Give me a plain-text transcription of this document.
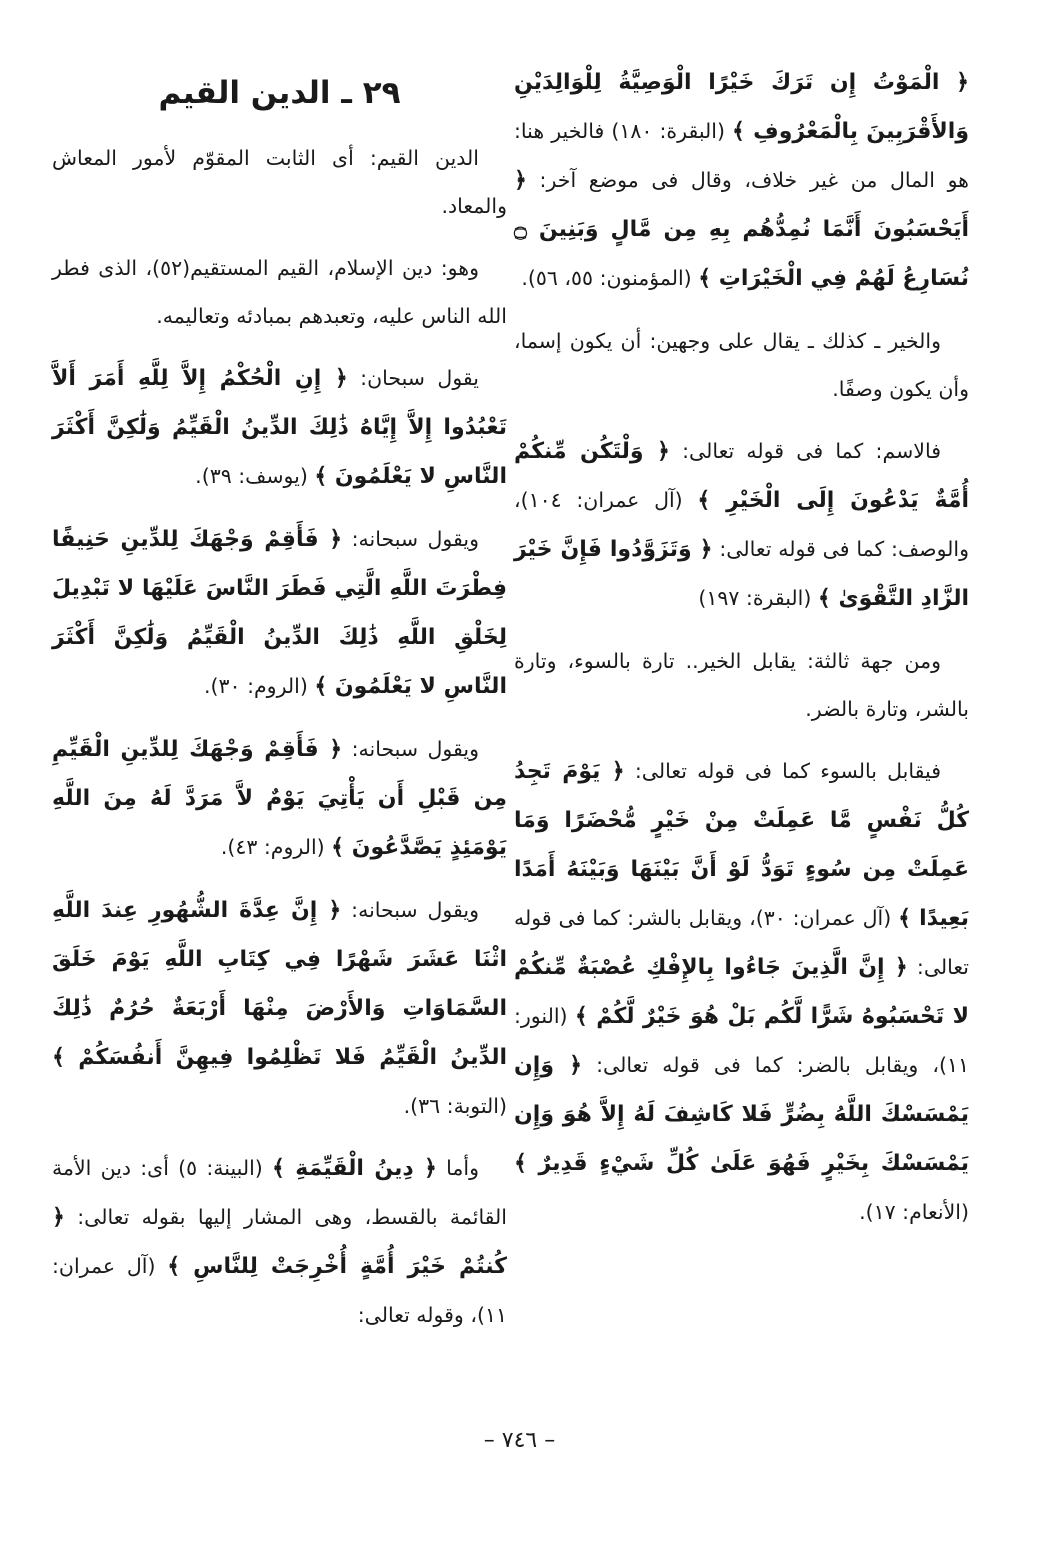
﴿ الْمَوْتُ إِن تَرَكَ خَيْرًا الْوَصِيَّةُ لِلْوَالِدَيْنِ وَالأَقْرَبِينَ بِالْمَعْرُوفِ ﴾ (البقرة: ١٨٠) فالخير هنا: هو المال من غير خلاف، وقال فى موضع آخر: ﴿ أَيَحْسَبُونَ أَنَّمَا نُمِدُّهُم بِهِ مِن مَّالٍ وَبَنِينَ ۝ نُسَارِعُ لَهُمْ فِي الْخَيْرَاتِ ﴾ (المؤمنون: ٥٥، ٥٦).

والخير ـ كذلك ـ يقال على وجهين: أن يكون إسما، وأن يكون وصفًا.

فالاسم: كما فى قوله تعالى: ﴿ وَلْتَكُن مِّنكُمْ أُمَّةٌ يَدْعُونَ إِلَى الْخَيْرِ ﴾ (آل عمران: ١٠٤)، والوصف: كما فى قوله تعالى: ﴿ وَتَزَوَّدُوا فَإِنَّ خَيْرَ الزَّادِ التَّقْوَىٰ ﴾ (البقرة: ١٩٧)

ومن جهة ثالثة: يقابل الخير.. تارة بالسوء، وتارة بالشر، وتارة بالضر.

فيقابل بالسوء كما فى قوله تعالى: ﴿ يَوْمَ تَجِدُ كُلُّ نَفْسٍ مَّا عَمِلَتْ مِنْ خَيْرٍ مُّحْضَرًا وَمَا عَمِلَتْ مِن سُوءٍ تَوَدُّ لَوْ أَنَّ بَيْنَهَا وَبَيْنَهُ أَمَدًا بَعِيدًا ﴾ (آل عمران: ٣٠)، ويقابل بالشر: كما فى قوله تعالى: ﴿ إِنَّ الَّذِينَ جَاءُوا بِالإِفْكِ عُصْبَةٌ مِّنكُمْ لا تَحْسَبُوهُ شَرًّا لَّكُم بَلْ هُوَ خَيْرٌ لَّكُمْ ﴾ (النور: ١١)، ويقابل بالضر: كما فى قوله تعالى: ﴿ وَإِن يَمْسَسْكَ اللَّهُ بِضُرٍّ فَلا كَاشِفَ لَهُ إِلاَّ هُوَ وَإِن يَمْسَسْكَ بِخَيْرٍ فَهُوَ عَلَىٰ كُلِّ شَيْءٍ قَدِيرٌ ﴾ (الأنعام: ١٧).

٢٩ ـ الدين القيم

الدين القيم: أى الثابت المقوّم لأمور المعاش والمعاد.

وهو: دين الإسلام، القيم المستقيم(٥٢)، الذى فطر الله الناس عليه، وتعبدهم بمبادئه وتعاليمه.

يقول سبحان: ﴿ إِنِ الْحُكْمُ إِلاَّ لِلَّهِ أَمَرَ أَلاَّ تَعْبُدُوا إِلاَّ إِيَّاهُ ذَٰلِكَ الدِّينُ الْقَيِّمُ وَلَٰكِنَّ أَكْثَرَ النَّاسِ لا يَعْلَمُونَ ﴾ (يوسف: ٣٩).

ويقول سبحانه: ﴿ فَأَقِمْ وَجْهَكَ لِلدِّينِ حَنِيفًا فِطْرَتَ اللَّهِ الَّتِي فَطَرَ النَّاسَ عَلَيْهَا لا تَبْدِيلَ لِخَلْقِ اللَّهِ ذَٰلِكَ الدِّينُ الْقَيِّمُ وَلَٰكِنَّ أَكْثَرَ النَّاسِ لا يَعْلَمُونَ ﴾ (الروم: ٣٠).

ويقول سبحانه: ﴿ فَأَقِمْ وَجْهَكَ لِلدِّينِ الْقَيِّمِ مِن قَبْلِ أَن يَأْتِيَ يَوْمٌ لاَّ مَرَدَّ لَهُ مِنَ اللَّهِ يَوْمَئِذٍ يَصَّدَّعُونَ ﴾ (الروم: ٤٣).

ويقول سبحانه: ﴿ إِنَّ عِدَّةَ الشُّهُورِ عِندَ اللَّهِ اثْنَا عَشَرَ شَهْرًا فِي كِتَابِ اللَّهِ يَوْمَ خَلَقَ السَّمَاوَاتِ وَالأَرْضَ مِنْهَا أَرْبَعَةٌ حُرُمٌ ذَٰلِكَ الدِّينُ الْقَيِّمُ فَلا تَظْلِمُوا فِيهِنَّ أَنفُسَكُمْ ﴾ (التوبة: ٣٦).

وأما ﴿ دِينُ الْقَيِّمَةِ ﴾ (البينة: ٥) أى: دين الأمة القائمة بالقسط، وهى المشار إليها بقوله تعالى: ﴿ كُنتُمْ خَيْرَ أُمَّةٍ أُخْرِجَتْ لِلنَّاسِ ﴾ (آل عمران: ١١)، وقوله تعالى:

– ٧٤٦ –
